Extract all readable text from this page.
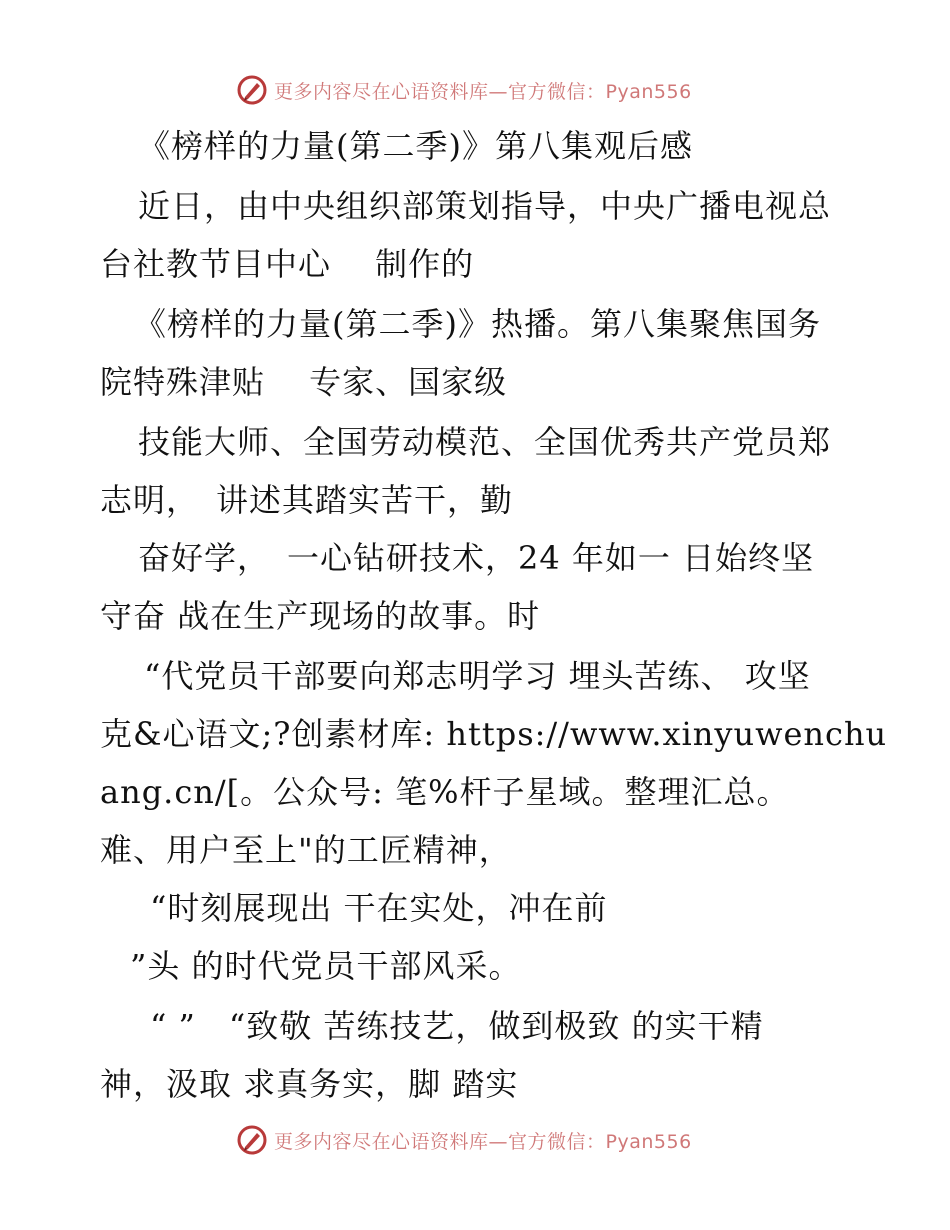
更多内容尽在心语资料库—官方微信：Pyan556
《榜样的力量(第二季)》第八集观后感
近日，由中央组织部策划指导，中央广播电视总
台社教节目中心　 制作的
《榜样的力量(第二季)》热播。第八集聚焦国务
院特殊津贴　 专家、国家级
技能大师、全国劳动模范、全国优秀共产党员郑
志明，　讲述其踏实苦干，勤
奋好学，　一心钻研技术，24 年如一 日始终坚
守奋 战在生产现场的故事。时
“代党员干部要向郑志明学习 埋头苦练、 攻坚
克&心语文;?创素材库: https://www.xinyuwenchu
ang.cn/[。公众号: 笔%杆子星域。整理汇总。
难、用户至上"的工匠精神，
“时刻展现出 干在实处，冲在前
”头 的时代党员干部风采。
“ ”　“致敬 苦练技艺，做到极致 的实干精
神，汲取 求真务实，脚 踏实
更多内容尽在心语资料库—官方微信：Pyan556
